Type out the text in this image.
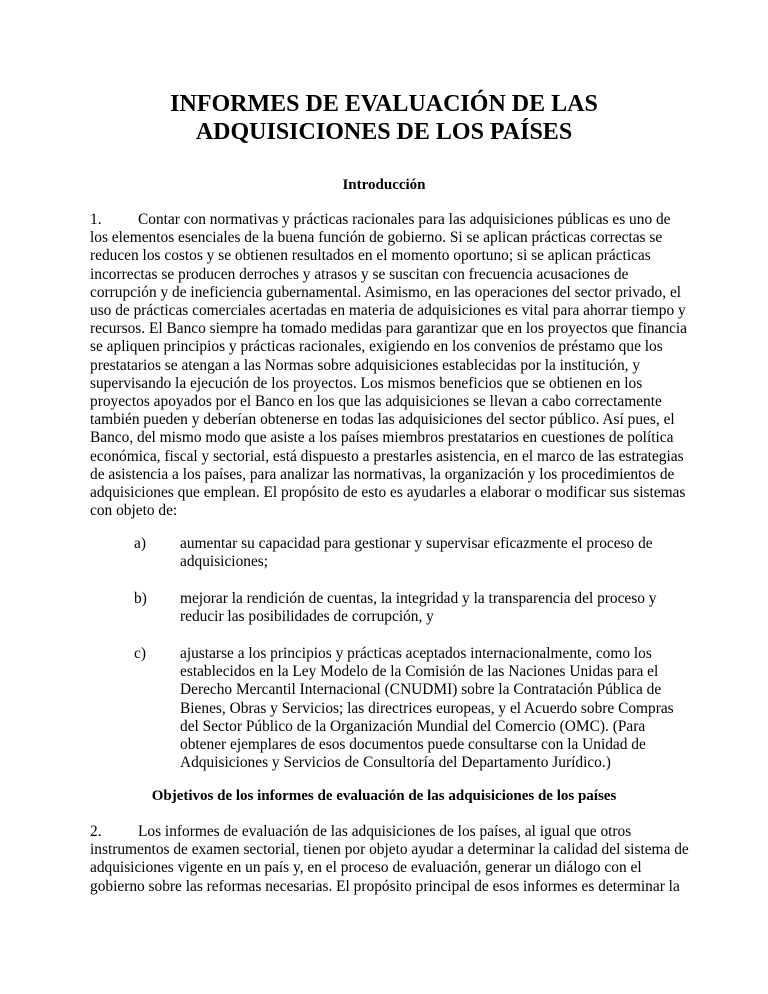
INFORMES DE EVALUACIÓN DE LAS
ADQUISICIONES DE LOS PAÍSES
Introducción
1. Contar con normativas y prácticas racionales para las adquisiciones públicas es uno de
los elementos esenciales de la buena función de gobierno. Si se aplican prácticas correctas se
reducen los costos y se obtienen resultados en el momento oportuno; si se aplican prácticas
incorrectas se producen derroches y atrasos y se suscitan con frecuencia acusaciones de
corrupción y de ineficiencia gubernamental. Asimismo, en las operaciones del sector privado, el
uso de prácticas comerciales acertadas en materia de adquisiciones es vital para ahorrar tiempo y
recursos. El Banco siempre ha tomado medidas para garantizar que en los proyectos que financia
se apliquen principios y prácticas racionales, exigiendo en los convenios de préstamo que los
prestatarios se atengan a las Normas sobre adquisiciones establecidas por la institución, y
supervisando la ejecución de los proyectos. Los mismos beneficios que se obtienen en los
proyectos apoyados por el Banco en los que las adquisiciones se llevan a cabo correctamente
también pueden y deberían obtenerse en todas las adquisiciones del sector público. Así pues, el
Banco, del mismo modo que asiste a los países miembros prestatarios en cuestiones de política
económica, fiscal y sectorial, está dispuesto a prestarles asistencia, en el marco de las estrategias
de asistencia a los países, para analizar las normativas, la organización y los procedimientos de
adquisiciones que emplean. El propósito de esto es ayudarles a elaborar o modificar sus sistemas
con objeto de:
a) aumentar su capacidad para gestionar y supervisar eficazmente el proceso de
adquisiciones;
b) mejorar la rendición de cuentas, la integridad y la transparencia del proceso y
reducir las posibilidades de corrupción, y
c) ajustarse a los principios y prácticas aceptados internacionalmente, como los
establecidos en la Ley Modelo de la Comisión de las Naciones Unidas para el
Derecho Mercantil Internacional (CNUDMI) sobre la Contratación Pública de
Bienes, Obras y Servicios; las directrices europeas, y el Acuerdo sobre Compras
del Sector Público de la Organización Mundial del Comercio (OMC). (Para
obtener ejemplares de esos documentos puede consultarse con la Unidad de
Adquisiciones y Servicios de Consultoría del Departamento Jurídico.)
Objetivos de los informes de evaluación de las adquisiciones de los países
2. Los informes de evaluación de las adquisiciones de los países, al igual que otros
instrumentos de examen sectorial, tienen por objeto ayudar a determinar la calidad del sistema de
adquisiciones vigente en un país y, en el proceso de evaluación, generar un diálogo con el
gobierno sobre las reformas necesarias. El propósito principal de esos informes es determinar la
